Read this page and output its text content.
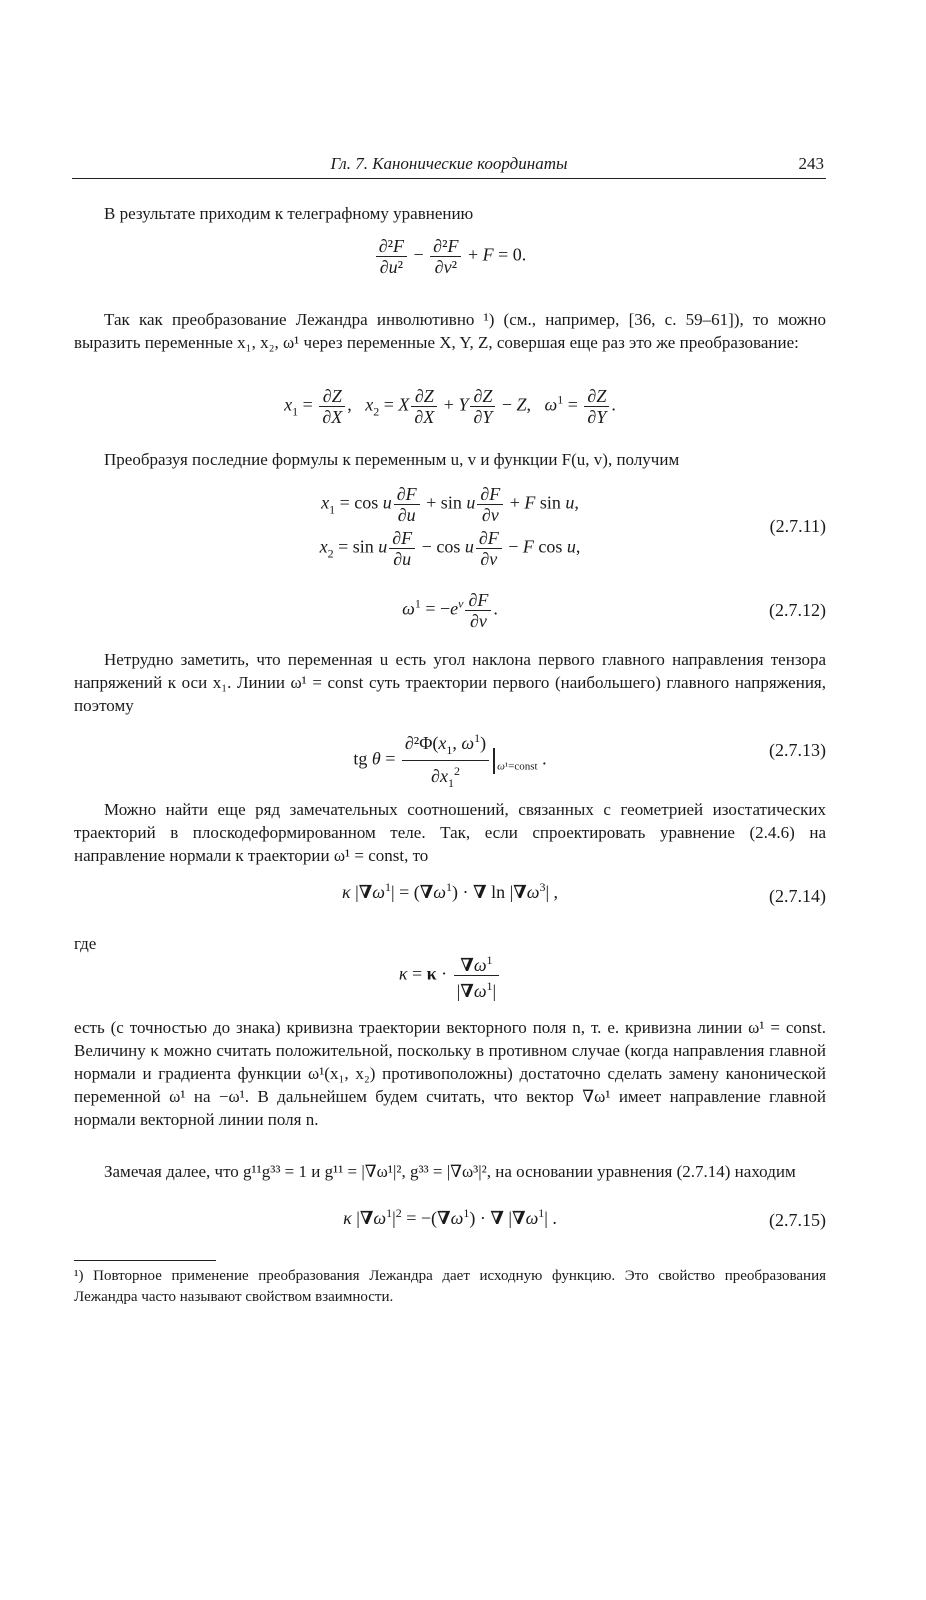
Гл. 7. Канонические координаты	243
В результате приходим к телеграфному уравнению
$\frac{\text{∂²F}}{\text{∂u²}} - \frac{\text{∂²F}}{\text{∂v²}} + F = 0$.
Так как преобразование Лежандра инволютивно ¹) (см., например, [36, с. 59–61]), то можно выразить переменные x₁, x₂, ω¹ через переменные X, Y, Z, совершая еще раз это же преобразование:
$x_1 = \frac{\partial Z}{\partial X}$ ,   $x_2 = X \frac{\partial Z}{\partial X} + Y \frac{\partial Z}{\partial Y} - Z$,   $\omega^1 = \frac{\partial Z}{\partial Y}$ .
Преобразуя последние формулы к переменным u, v и функции F(u, v), получим
$x_1 = \cos u \frac{\partial F}{\partial u} + \sin u \frac{\partial F}{\partial v} + F$ sin u,
$x_2 = \sin u \frac{\partial F}{\partial u} - \cos u \frac{\partial F}{\partial v} - F$ cos u,
(2.7.11)
$\omega^1 = -e^v \frac{\partial F}{\partial v}$ .	(2.7.12)
Нетрудно заметить, что переменная u есть угол наклона первого главного направления тензора напряжений к оси x₁. Линии ω¹ = const суть траектории первого (наибольшего) главного напряжения, поэтому
tg $\theta = \frac{\partial^2\Phi(x_1, \omega^1)}{\partial x_1^2} _{\omega^1=const}$ .	(2.7.13)
Можно найти еще ряд замечательных соотношений, связанных с геометрией изостатических траекторий в плоскодеформированном теле. Так, если спроектировать уравнение (2.4.6) на направление нормали к траектории ω¹ = const, то
κ $|\nabla\omega^1| = (\nabla\omega^1)$ · ∇ $\ln |\nabla\omega^3|$ ,	(2.7.14)
где
$\kappa = \kappa \cdot \frac{\nabla\omega^1}{|\nabla\omega^1|}$
есть (с точностью до знака) кривизна траектории векторного поля n, т. е. кривизна линии ω¹ = const. Величину κ можно считать положительной, поскольку в противном случае (когда направления главной нормали и градиента функции ω¹(x₁, x₂) противоположны) достаточно сделать замену канонической переменной ω¹ на −ω¹. В дальнейшем будем считать, что вектор ∇ω¹ имеет направление главной нормали векторной линии поля n.
Замечая далее, что g¹¹g³³ = 1 и g¹¹ = |∇ω¹|², g³³ = |∇ω³|², на основании уравнения (2.7.14) находим
κ $|\nabla\omega^1|^2 = -(\nabla\omega^1)$ · ∇ $|\nabla\omega^1|$ .	(2.7.15)
¹) Повторное применение преобразования Лежандра дает исходную функцию. Это свойство преобразования Лежандра часто называют свойством взаимности.
